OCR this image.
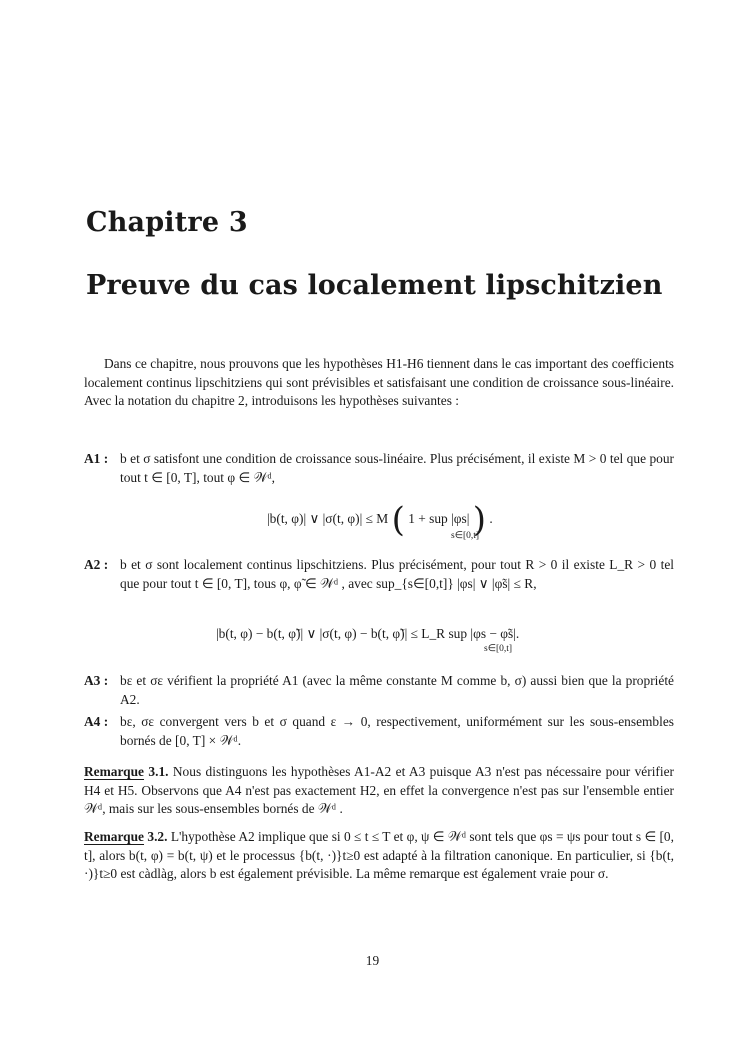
Chapitre 3
Preuve du cas localement lipschitzien

Dans ce chapitre, nous prouvons que les hypothèses H1-H6 tiennent dans le cas important des coefficients localement continus lipschitziens qui sont prévisibles et satisfaisant une condition de croissance sous-linéaire. Avec la notation du chapitre 2, introduisons les hypothèses suivantes :

A1 : b et σ satisfont une condition de croissance sous-linéaire. Plus précisément, il existe M > 0 tel que pour tout t ∈ [0, T], tout φ ∈ 𝒲ᵈ,
|b(t, φ)| ∨ |σ(t, φ)| ≤ M ( 1 + sup |φs| ) .
s∈[0,t]
A2 : b et σ sont localement continus lipschitziens. Plus précisément, pour tout R > 0 il existe L_R > 0 tel que pour tout t ∈ [0, T], tous φ, φ̃ ∈ 𝒲ᵈ , avec sup_{s∈[0,t]} |φs| ∨ |φ̃s| ≤ R,
|b(t, φ) − b(t, φ̃)| ∨ |σ(t, φ) − b(t, φ̃)| ≤ L_R sup |φs − φ̃s|.
s∈[0,t]
A3 : bε et σε vérifient la propriété A1 (avec la même constante M comme b, σ) aussi bien que la propriété A2.
A4 : bε, σε convergent vers b et σ quand ε → 0, respectivement, uniformément sur les sous-ensembles bornés de [0, T] × 𝒲ᵈ.

Remarque 3.1. Nous distinguons les hypothèses A1-A2 et A3 puisque A3 n'est pas nécessaire pour vérifier H4 et H5. Observons que A4 n'est pas exactement H2, en effet la convergence n'est pas sur l'ensemble entier 𝒲ᵈ, mais sur les sous-ensembles bornés de 𝒲ᵈ .

Remarque 3.2. L'hypothèse A2 implique que si 0 ≤ t ≤ T et φ, ψ ∈ 𝒲ᵈ sont tels que φs = ψs pour tout s ∈ [0, t], alors b(t, φ) = b(t, ψ) et le processus {b(t, ·)}t≥0 est adapté à la filtration canonique. En particulier, si {b(t, ·)}t≥0 est càdlàg, alors b est également prévisible. La même remarque est également vraie pour σ.

19
